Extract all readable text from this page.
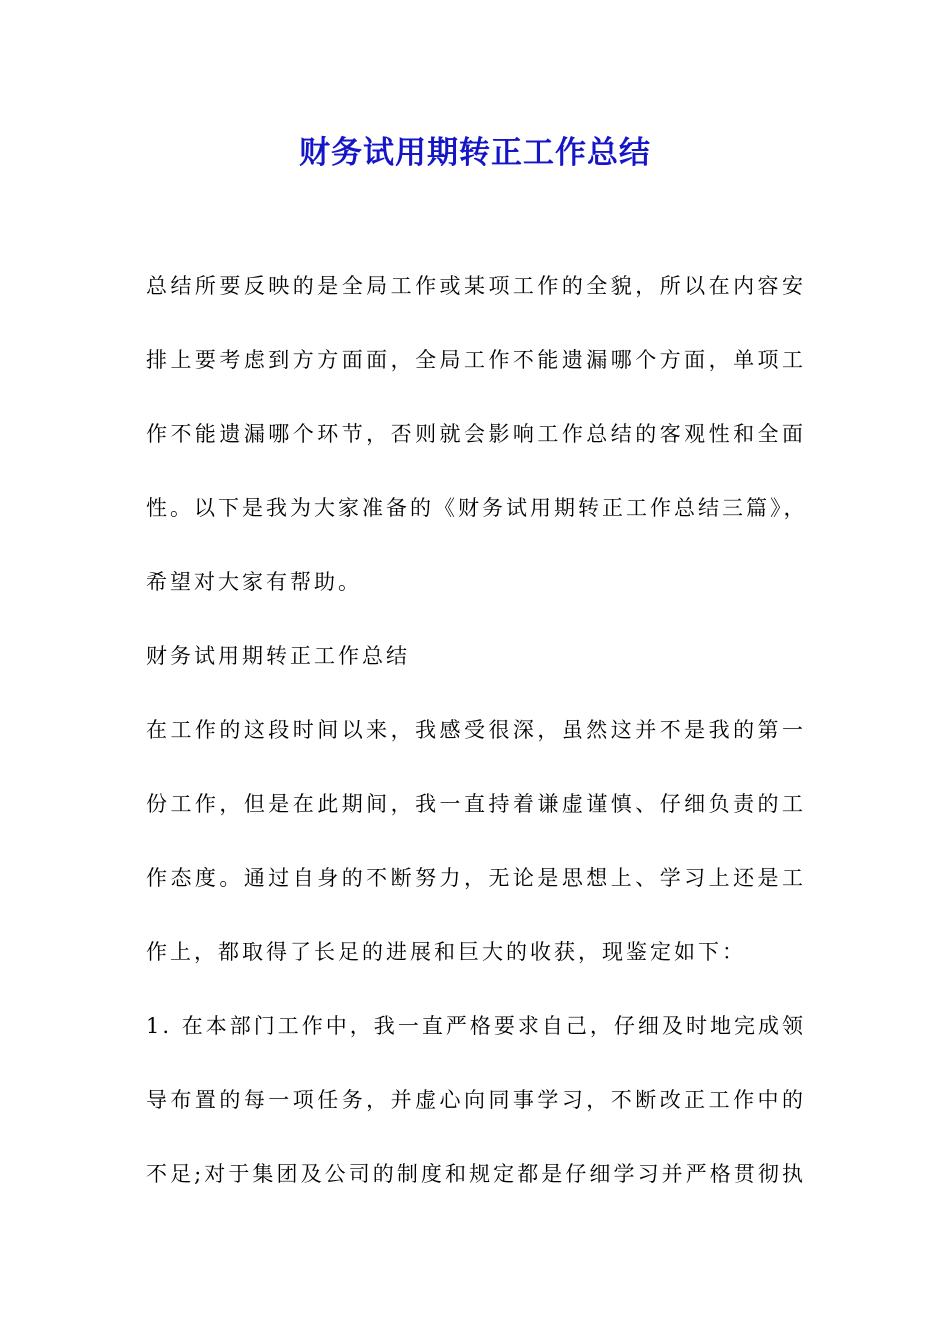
财务试用期转正工作总结
总结所要反映的是全局工作或某项工作的全貌，所以在内容安
排上要考虑到方方面面，全局工作不能遗漏哪个方面，单项工
作不能遗漏哪个环节，否则就会影响工作总结的客观性和全面
性。以下是我为大家准备的《财务试用期转正工作总结三篇》，
希望对大家有帮助。
财务试用期转正工作总结
在工作的这段时间以来，我感受很深，虽然这并不是我的第一
份工作，但是在此期间，我一直持着谦虚谨慎、仔细负责的工
作态度。通过自身的不断努力，无论是思想上、学习上还是工
作上，都取得了长足的进展和巨大的收获，现鉴定如下：
1. 在本部门工作中，我一直严格要求自己，仔细及时地完成领
导布置的每一项任务，并虚心向同事学习，不断改正工作中的
不足;对于集团及公司的制度和规定都是仔细学习并严格贯彻执
